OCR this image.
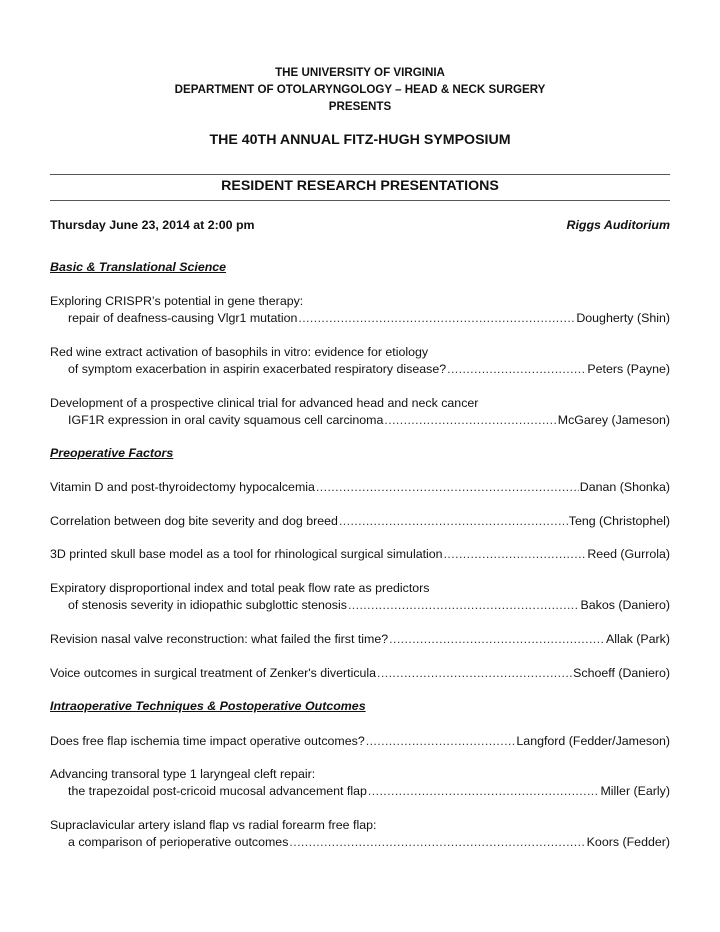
THE UNIVERSITY OF VIRGINIA
DEPARTMENT OF OTOLARYNGOLOGY – HEAD & NECK SURGERY
PRESENTS
THE 40TH ANNUAL FITZ-HUGH SYMPOSIUM
RESIDENT RESEARCH PRESENTATIONS
Thursday June 23, 2014 at 2:00 pm	Riggs Auditorium
Basic & Translational Science
Exploring CRISPR’s potential in gene therapy:
repair of deafness-causing Vlgr1 mutation .....	Dougherty (Shin)
Red wine extract activation of basophils in vitro: evidence for etiology
of symptom exacerbation in aspirin exacerbated respiratory disease? .....	Peters (Payne)
Development of a prospective clinical trial for advanced head and neck cancer
IGF1R expression in oral cavity squamous cell carcinoma .....	McGarey (Jameson)
Preoperative Factors
Vitamin D and post-thyroidectomy hypocalcemia .....	Danan (Shonka)
Correlation between dog bite severity and dog breed .....	Teng (Christophel)
3D printed skull base model as a tool for rhinological surgical simulation .....	Reed (Gurrola)
Expiratory disproportional index and total peak flow rate as predictors
of stenosis severity in idiopathic subglottic stenosis .....	Bakos (Daniero)
Revision nasal valve reconstruction: what failed the first time? .....	Allak (Park)
Voice outcomes in surgical treatment of Zenker's diverticula .....	Schoeff (Daniero)
Intraoperative Techniques & Postoperative Outcomes
Does free flap ischemia time impact operative outcomes? .....	Langford (Fedder/Jameson)
Advancing transoral type 1 laryngeal cleft repair:
the trapezoidal post-cricoid mucosal advancement flap .....	Miller (Early)
Supraclavicular artery island flap vs radial forearm free flap:
a comparison of perioperative outcomes .....	Koors (Fedder)
